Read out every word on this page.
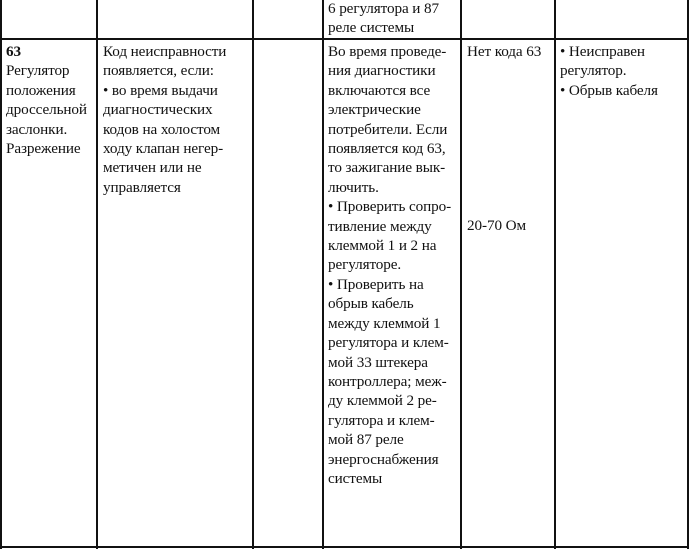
6 регулятора и 87
реле системы
63
Регулятор
положения
дроссельной
заслонки.
Разрежение
Код неисправности
появляется, если:
• во время выдачи
диагностических
кодов на холостом
ходу клапан негер-
метичен или не
управляется
Во время проведе-
ния диагностики
включаются все
электрические
потребители. Если
появляется код 63,
то зажигание вык-
лючить.
• Проверить сопро-
тивление между
клеммой 1 и 2 на
регуляторе.
• Проверить на
обрыв кабель
между клеммой 1
регулятора и клем-
мой 33 штекера
контроллера; меж-
ду клеммой 2 ре-
гулятора и клем-
мой 87 реле
энергоснабжения
системы
Нет кода 63
20-70 Ом
• Неисправен
регулятор.
• Обрыв кабеля
